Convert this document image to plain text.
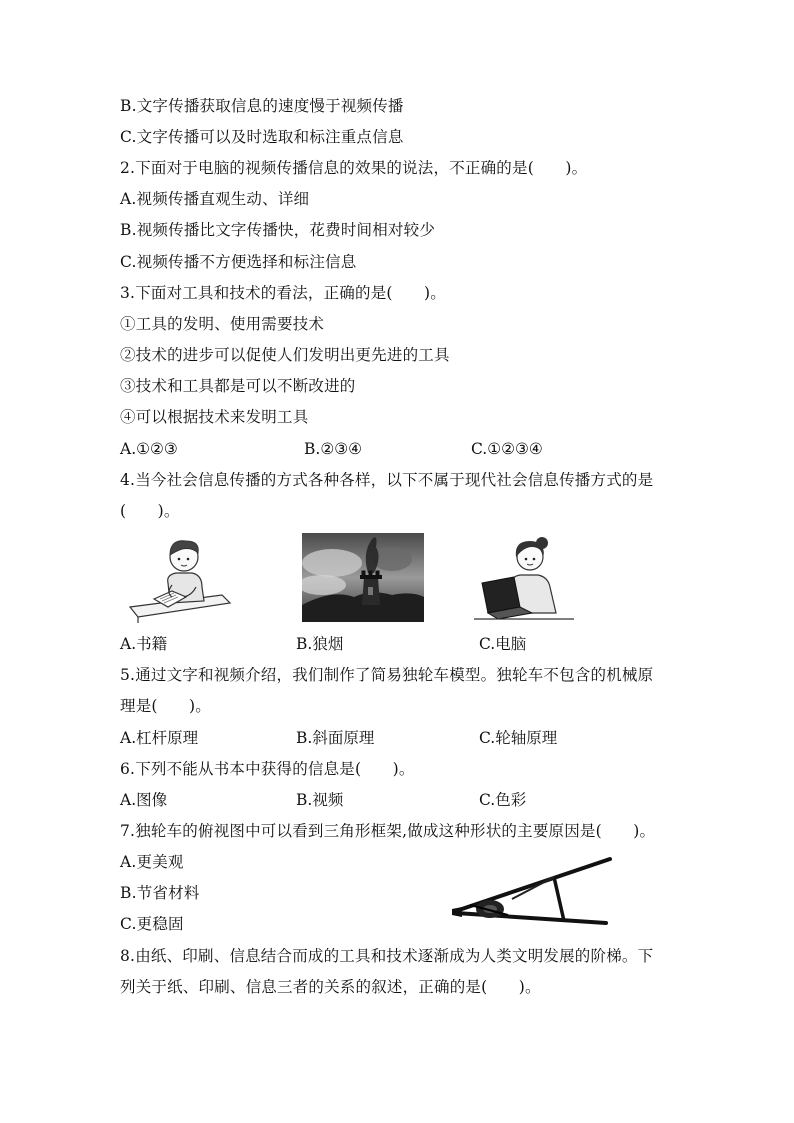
B.文字传播获取信息的速度慢于视频传播
C.文字传播可以及时选取和标注重点信息
2.下面对于电脑的视频传播信息的效果的说法，不正确的是(　　)。
A.视频传播直观生动、详细
B.视频传播比文字传播快，花费时间相对较少
C.视频传播不方便选择和标注信息
3.下面对工具和技术的看法，正确的是(　　)。
①工具的发明、使用需要技术
②技术的进步可以促使人们发明出更先进的工具
③技术和工具都是可以不断改进的
④可以根据技术来发明工具
A.①②③	B.②③④	C.①②③④
4.当今社会信息传播的方式各种各样，以下不属于现代社会信息传播方式的是
(　　)。
A.书籍	B.狼烟	C.电脑
5.通过文字和视频介绍，我们制作了简易独轮车模型。独轮车不包含的机械原
理是(　　)。
A.杠杆原理	B.斜面原理	C.轮轴原理
6.下列不能从书本中获得的信息是(　　)。
A.图像	B.视频	C.色彩
7.独轮车的俯视图中可以看到三角形框架,做成这种形状的主要原因是(　　)。
A.更美观
B.节省材料
C.更稳固
8.由纸、印刷、信息结合而成的工具和技术逐渐成为人类文明发展的阶梯。下
列关于纸、印刷、信息三者的关系的叙述，正确的是(　　)。
